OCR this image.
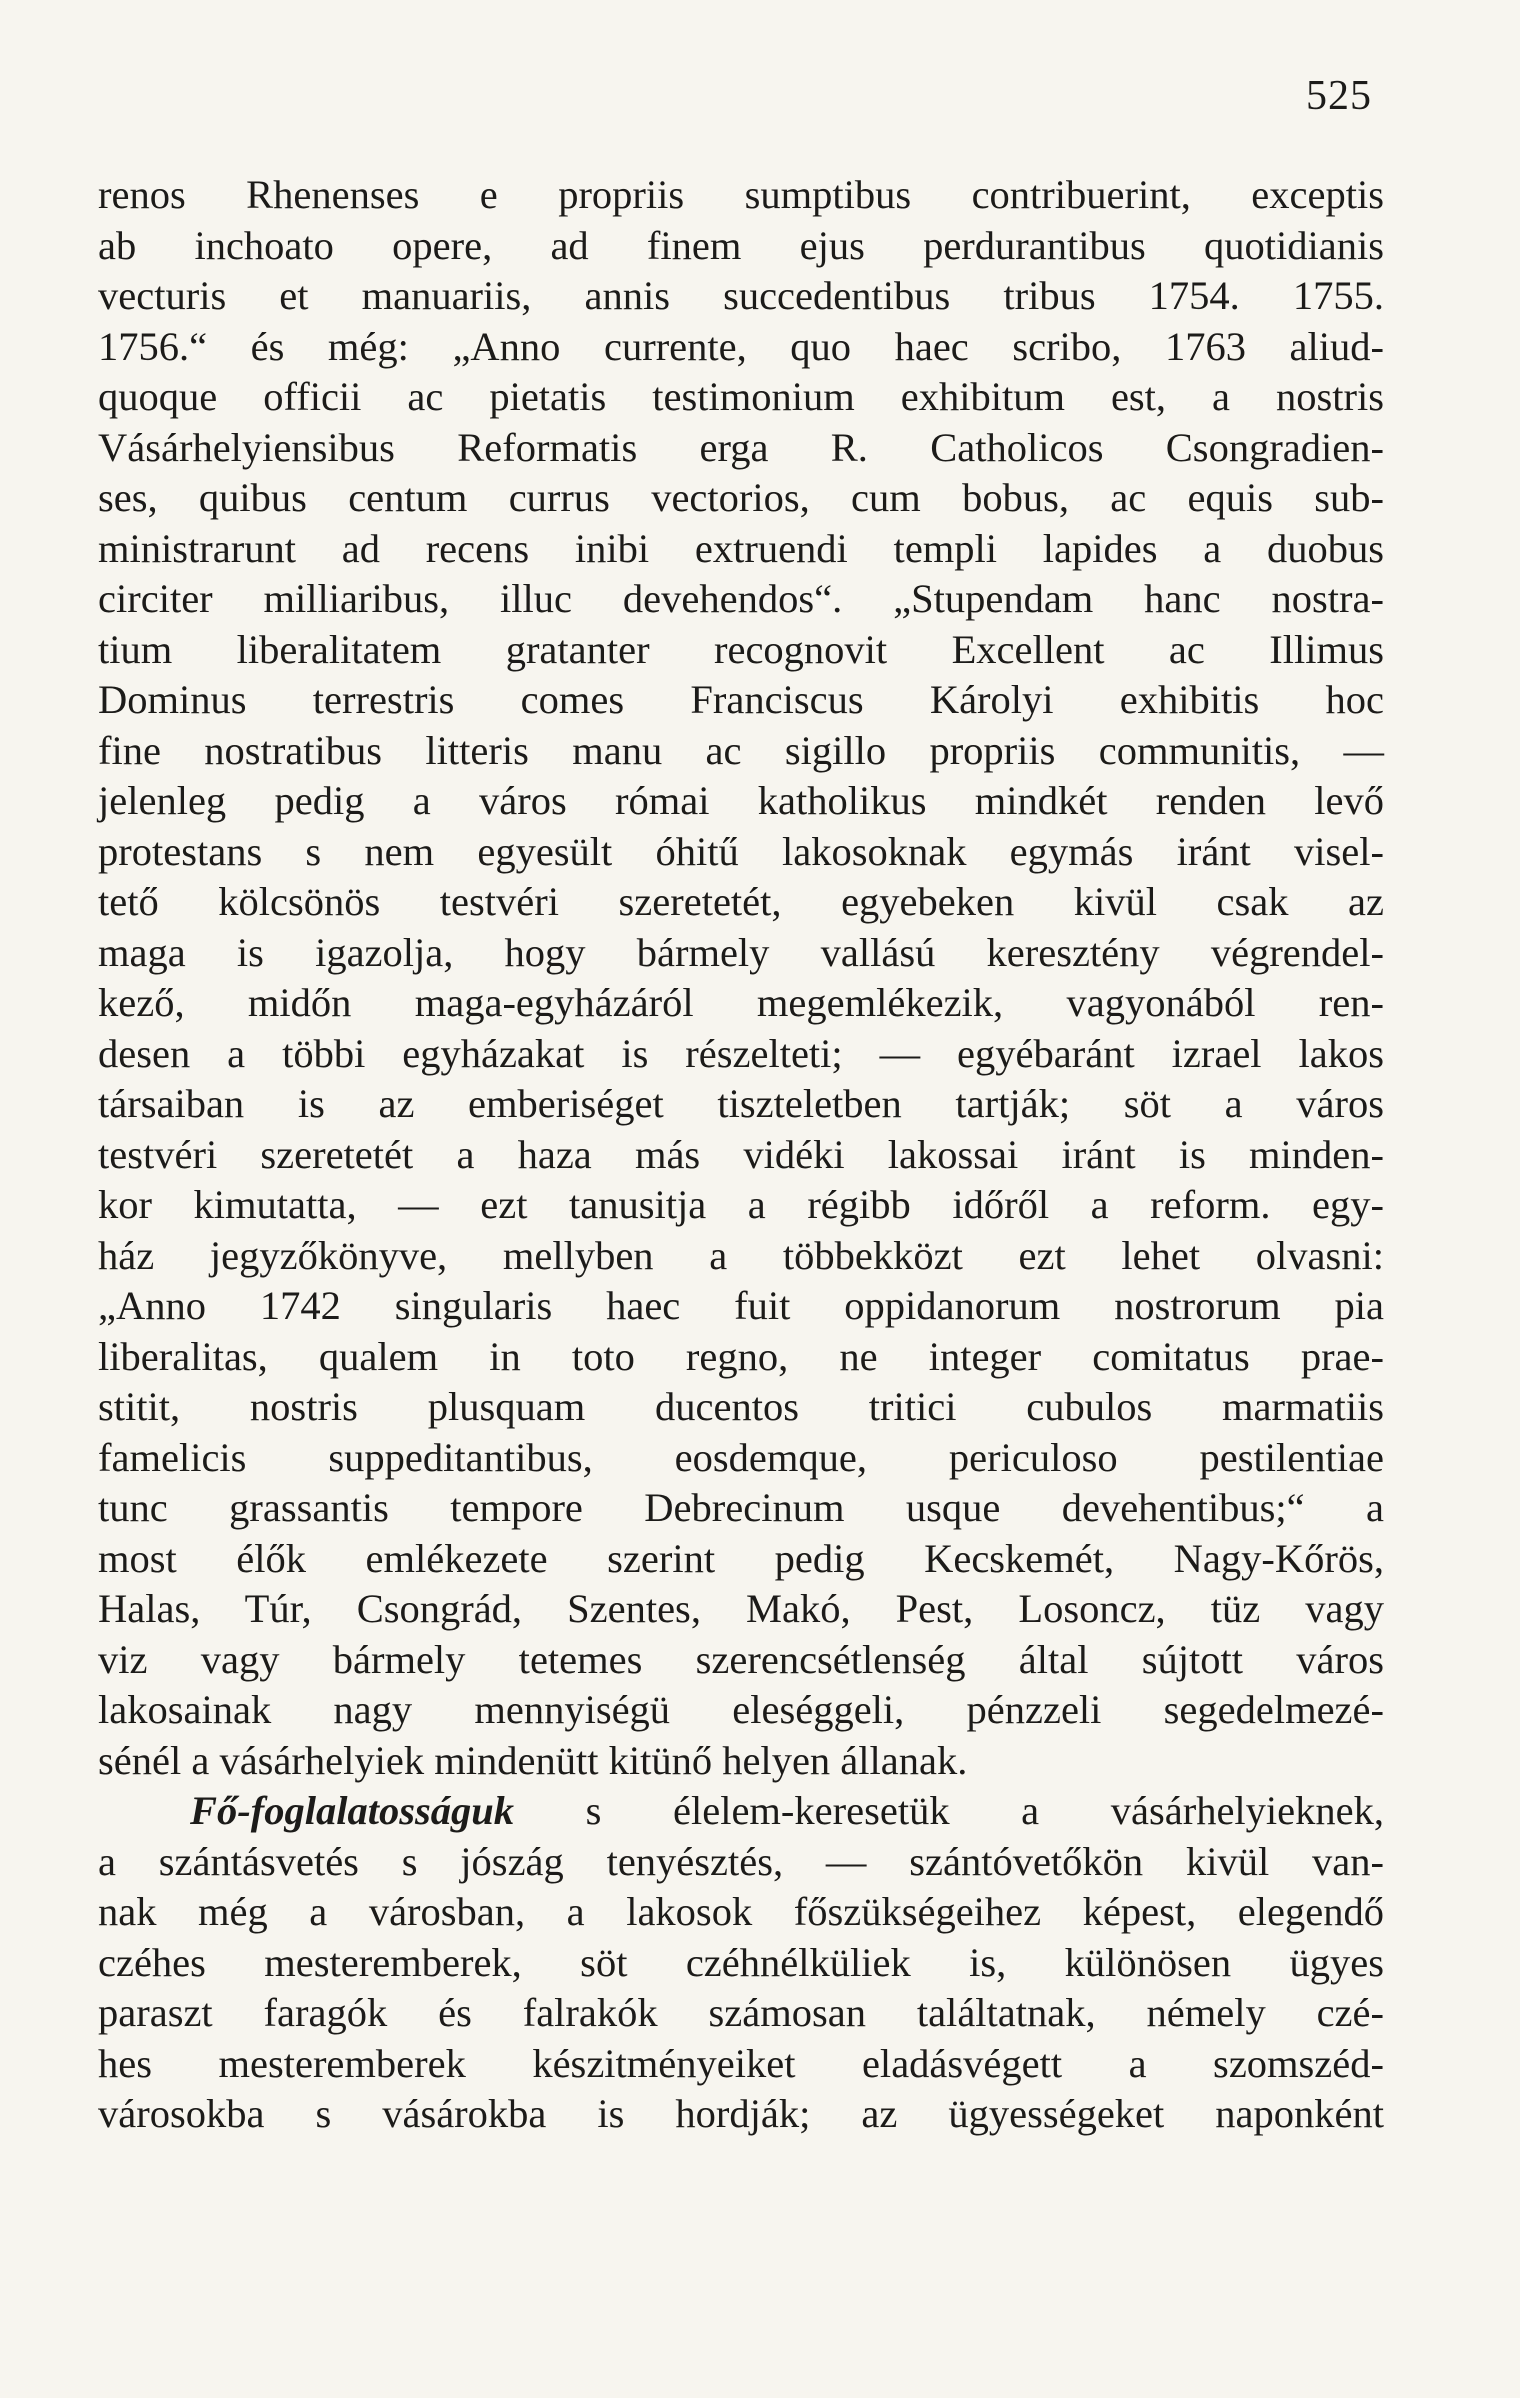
525
renos Rhenenses e propriis sumptibus contribuerint, exceptis
ab inchoato opere, ad finem ejus perdurantibus quotidianis
vecturis et manuariis, annis succedentibus tribus 1754. 1755.
1756.“ és még: „Anno currente, quo haec scribo, 1763 aliud-
quoque officii ac pietatis testimonium exhibitum est, a nostris
Vásárhelyiensibus Reformatis erga R. Catholicos Csongradien-
ses, quibus centum currus vectorios, cum bobus, ac equis sub-
ministrarunt ad recens inibi extruendi templi lapides a duobus
circiter milliaribus, illuc devehendos“. „Stupendam hanc nostra-
tium liberalitatem gratanter recognovit Excellent ac Illimus
Dominus terrestris comes Franciscus Károlyi exhibitis hoc
fine nostratibus litteris manu ac sigillo propriis communitis, —
jelenleg pedig a város római katholikus mindkét renden levő
protestans s nem egyesült óhitű lakosoknak egymás iránt visel-
tető kölcsönös testvéri szeretetét, egyebeken kivül csak az
maga is igazolja, hogy bármely vallású keresztény végrendel-
kező, midőn maga-egyházáról megemlékezik, vagyonából ren-
desen a többi egyházakat is részelteti; — egyébaránt izrael lakos
társaiban is az emberiséget tiszteletben tartják; söt a város
testvéri szeretetét a haza más vidéki lakossai iránt is minden-
kor kimutatta, — ezt tanusitja a régibb időről a reform. egy-
ház jegyzőkönyve, mellyben a többekközt ezt lehet olvasni:
„Anno 1742 singularis haec fuit oppidanorum nostrorum pia
liberalitas, qualem in toto regno, ne integer comitatus prae-
stitit, nostris plusquam ducentos tritici cubulos marmatiis
famelicis suppeditantibus, eosdemque, periculoso pestilentiae
tunc grassantis tempore Debrecinum usque devehentibus;“ a
most élők emlékezete szerint pedig Kecskemét, Nagy-Kőrös,
Halas, Túr, Csongrád, Szentes, Makó, Pest, Losoncz, tüz vagy
viz vagy bármely tetemes szerencsétlenség által sújtott város
lakosainak nagy mennyiségü eleséggeli, pénzzeli segedelmezé-
sénél a vásárhelyiek mindenütt kitünő helyen állanak.
Fő-foglalatosságuk s élelem-keresetük a vásárhelyieknek,
a szántásvetés s jószág tenyésztés, — szántóvetőkön kivül van-
nak még a városban, a lakosok főszükségeihez képest, elegendő
czéhes mesteremberek, söt czéhnélküliek is, különösen ügyes
paraszt faragók és falrakók számosan találtatnak, némely czé-
hes mesteremberek készitményeiket eladásvégett a szomszéd-
városokba s vásárokba is hordják; az ügyességeket naponként
